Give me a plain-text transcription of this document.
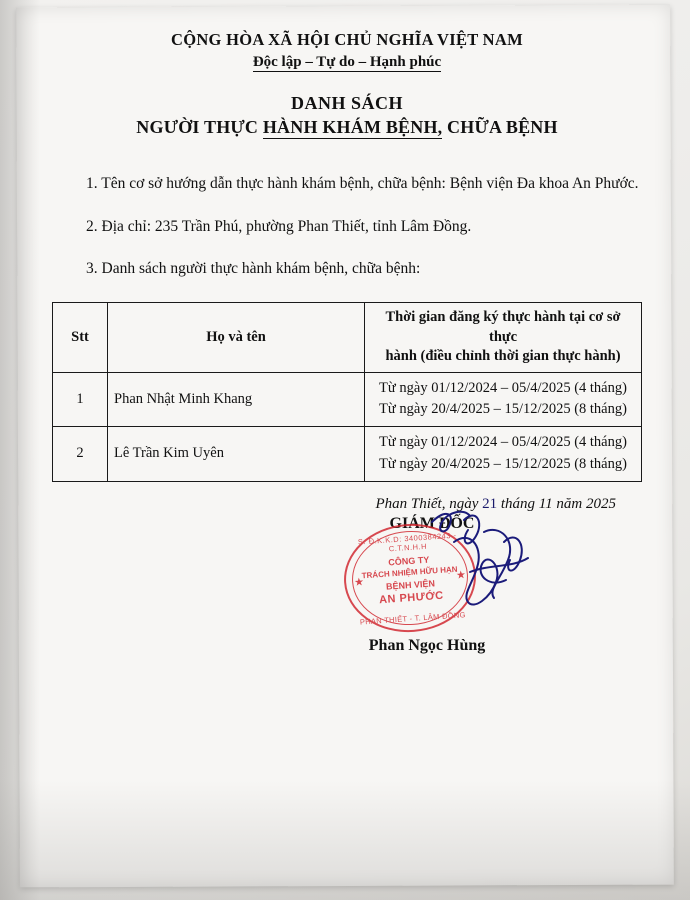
CỘNG HÒA XÃ HỘI CHỦ NGHĨA VIỆT NAM
Độc lập – Tự do – Hạnh phúc
DANH SÁCH
NGƯỜI THỰC HÀNH KHÁM BỆNH, CHỮA BỆNH
1. Tên cơ sở hướng dẫn thực hành khám bệnh, chữa bệnh: Bệnh viện Đa khoa An Phước.
2. Địa chỉ: 235 Trần Phú, phường Phan Thiết, tỉnh Lâm Đồng.
3. Danh sách người thực hành khám bệnh, chữa bệnh:
Stt	Họ và tên	Thời gian đăng ký thực hành tại cơ sở thực
hành (điều chỉnh thời gian thực hành)

1	Phan Nhật Minh Khang	Từ ngày 01/12/2024 – 05/4/2025 (4 tháng)
Từ ngày 20/4/2025 – 15/12/2025 (8 tháng)

2	Lê Trần Kim Uyên	Từ ngày 01/12/2024 – 05/4/2025 (4 tháng)
Từ ngày 20/4/2025 – 15/12/2025 (8 tháng)
Phan Thiết, ngày 21 tháng 11 năm 2025
GIÁM ĐỐC
S. Đ.K.K.D: 3400384243 - C.T.N.H.H
★
★
CÔNG TY
TRÁCH NHIỆM HỮU HẠN
BỆNH VIỆN
AN PHƯỚC
PHAN THIẾT - T. LÂM ĐỒNG
Phan Ngọc Hùng
